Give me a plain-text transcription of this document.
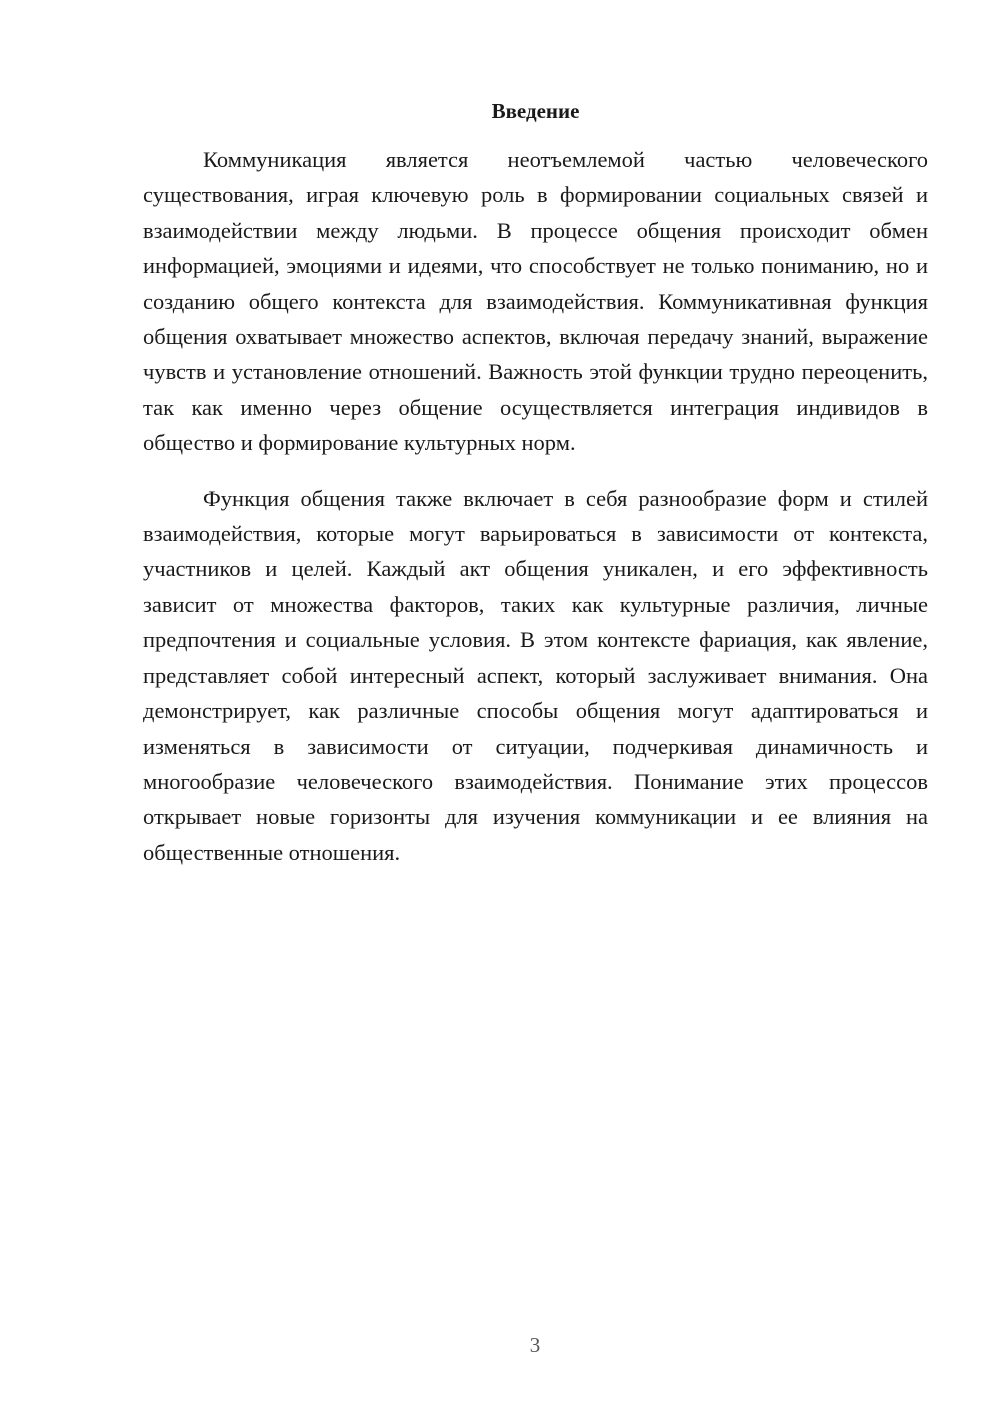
Введение

Коммуникация является неотъемлемой частью человеческого существования, играя ключевую роль в формировании социальных связей и взаимодействии между людьми. В процессе общения происходит обмен информацией, эмоциями и идеями, что способствует не только пониманию, но и созданию общего контекста для взаимодействия. Коммуникативная функция общения охватывает множество аспектов, включая передачу знаний, выражение чувств и установление отношений. Важность этой функции трудно переоценить, так как именно через общение осуществляется интеграция индивидов в общество и формирование культурных норм.

Функция общения также включает в себя разнообразие форм и стилей взаимодействия, которые могут варьироваться в зависимости от контекста, участников и целей. Каждый акт общения уникален, и его эффективность зависит от множества факторов, таких как культурные различия, личные предпочтения и социальные условия. В этом контексте фариация, как явление, представляет собой интересный аспект, который заслуживает внимания. Она демонстрирует, как различные способы общения могут адаптироваться и изменяться в зависимости от ситуации, подчеркивая динамичность и многообразие человеческого взаимодействия. Понимание этих процессов открывает новые горизонты для изучения коммуникации и ее влияния на общественные отношения.

3
